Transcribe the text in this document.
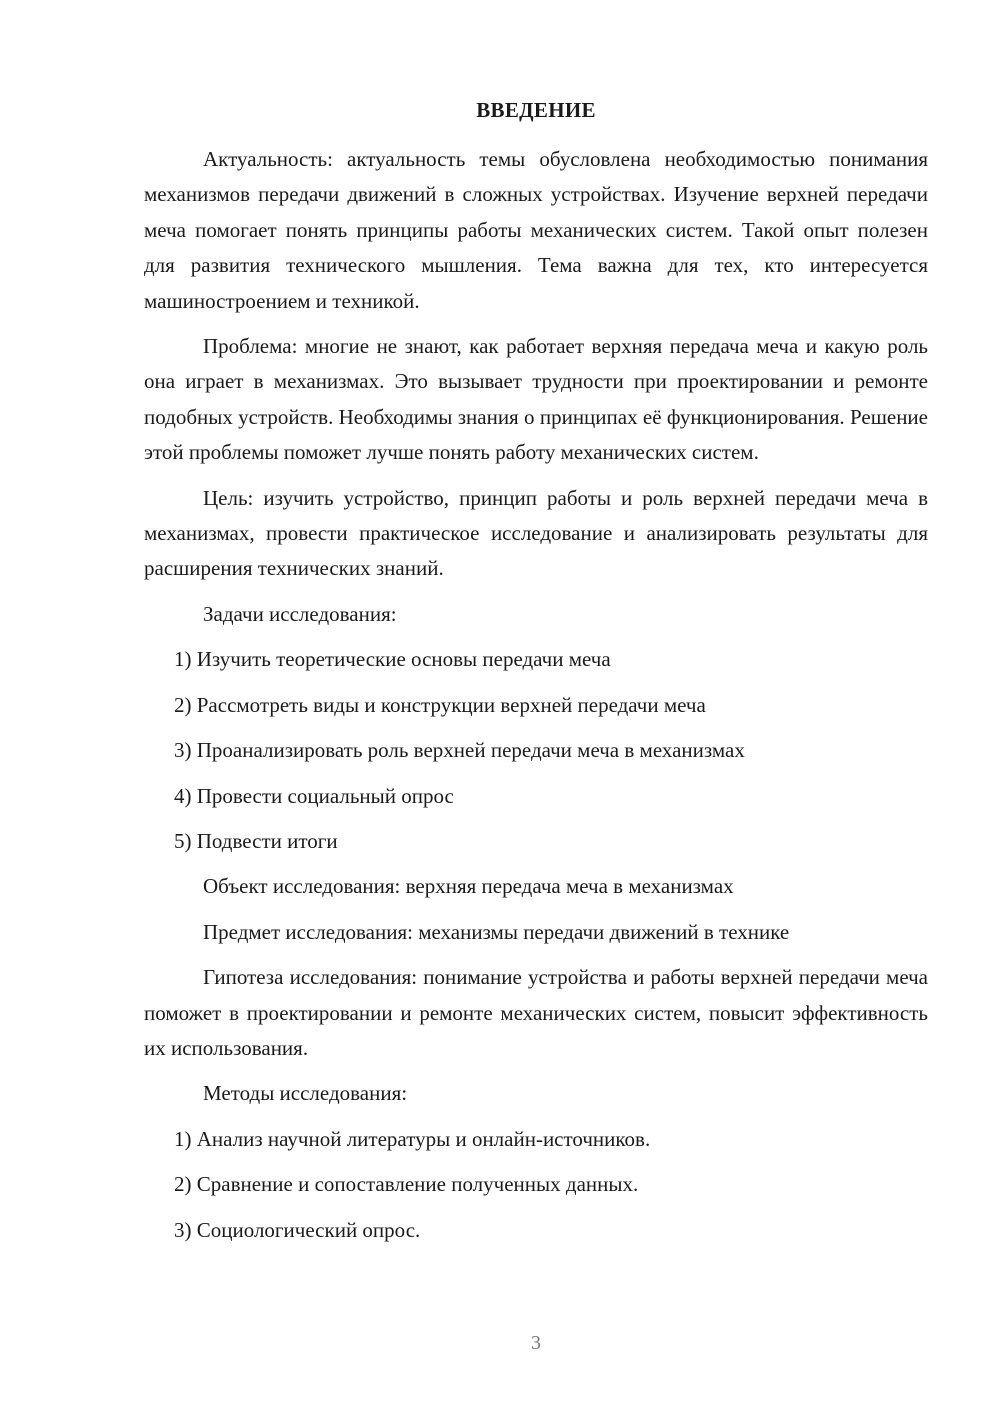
ВВЕДЕНИЕ

Актуальность: актуальность темы обусловлена необходимостью понимания механизмов передачи движений в сложных устройствах. Изучение верхней передачи меча помогает понять принципы работы механических систем. Такой опыт полезен для развития технического мышления. Тема важна для тех, кто интересуется машиностроением и техникой.

Проблема: многие не знают, как работает верхняя передача меча и какую роль она играет в механизмах. Это вызывает трудности при проектировании и ремонте подобных устройств. Необходимы знания о принципах её функционирования. Решение этой проблемы поможет лучше понять работу механических систем.

Цель: изучить устройство, принцип работы и роль верхней передачи меча в механизмах, провести практическое исследование и анализировать результаты для расширения технических знаний.

Задачи исследования:
1) Изучить теоретические основы передачи меча
2) Рассмотреть виды и конструкции верхней передачи меча
3) Проанализировать роль верхней передачи меча в механизмах
4) Провести социальный опрос
5) Подвести итоги
Объект исследования: верхняя передача меча в механизмах
Предмет исследования: механизмы передачи движений в технике

Гипотеза исследования: понимание устройства и работы верхней передачи меча поможет в проектировании и ремонте механических систем, повысит эффективность их использования.

Методы исследования:
1) Анализ научной литературы и онлайн-источников.
2) Сравнение и сопоставление полученных данных.
3) Социологический опрос.
3
